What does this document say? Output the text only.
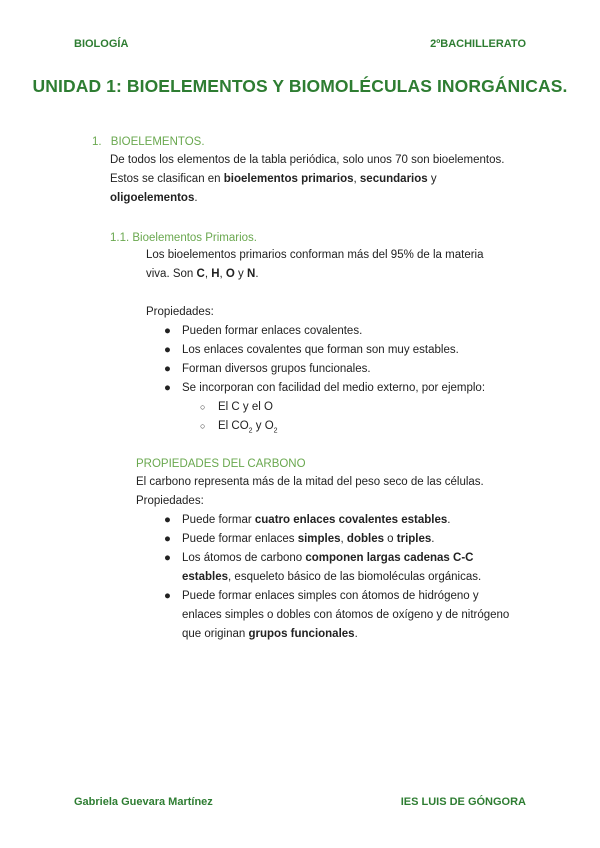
BIOLOGÍA	2ºBACHILLERATO
UNIDAD 1: BIOELEMENTOS Y BIOMOLÉCULAS INORGÁNICAS.
1. BIOELEMENTOS.

De todos los elementos de la tabla periódica, solo unos 70 son bioelementos.

Estos se clasifican en bioelementos primarios, secundarios y

oligoelementos.

1.1. Bioelementos Primarios.

Los bioelementos primarios conforman más del 95% de la materia

viva. Son C, H, O y N.

Propiedades:

● Pueden formar enlaces covalentes.
● Los enlaces covalentes que forman son muy estables.
● Forman diversos grupos funcionales.
● Se incorporan con facilidad del medio externo, por ejemplo:
○ El C y el O
○ El $CO_2$ y $O_2$
PROPIEDADES DEL CARBONO

El carbono representa más de la mitad del peso seco de las células.

Propiedades:

● Puede formar cuatro enlaces covalentes estables.
● Puede formar enlaces simples, dobles o triples.
● Los átomos de carbono componen largas cadenas C-C
estables, esqueleto básico de las biomoléculas orgánicas.
● Puede formar enlaces simples con átomos de hidrógeno y
enlaces simples o dobles con átomos de oxígeno y de nitrógeno
que originan grupos funcionales.
Gabriela Guevara Martínez	IES LUIS DE GÓNGORA
